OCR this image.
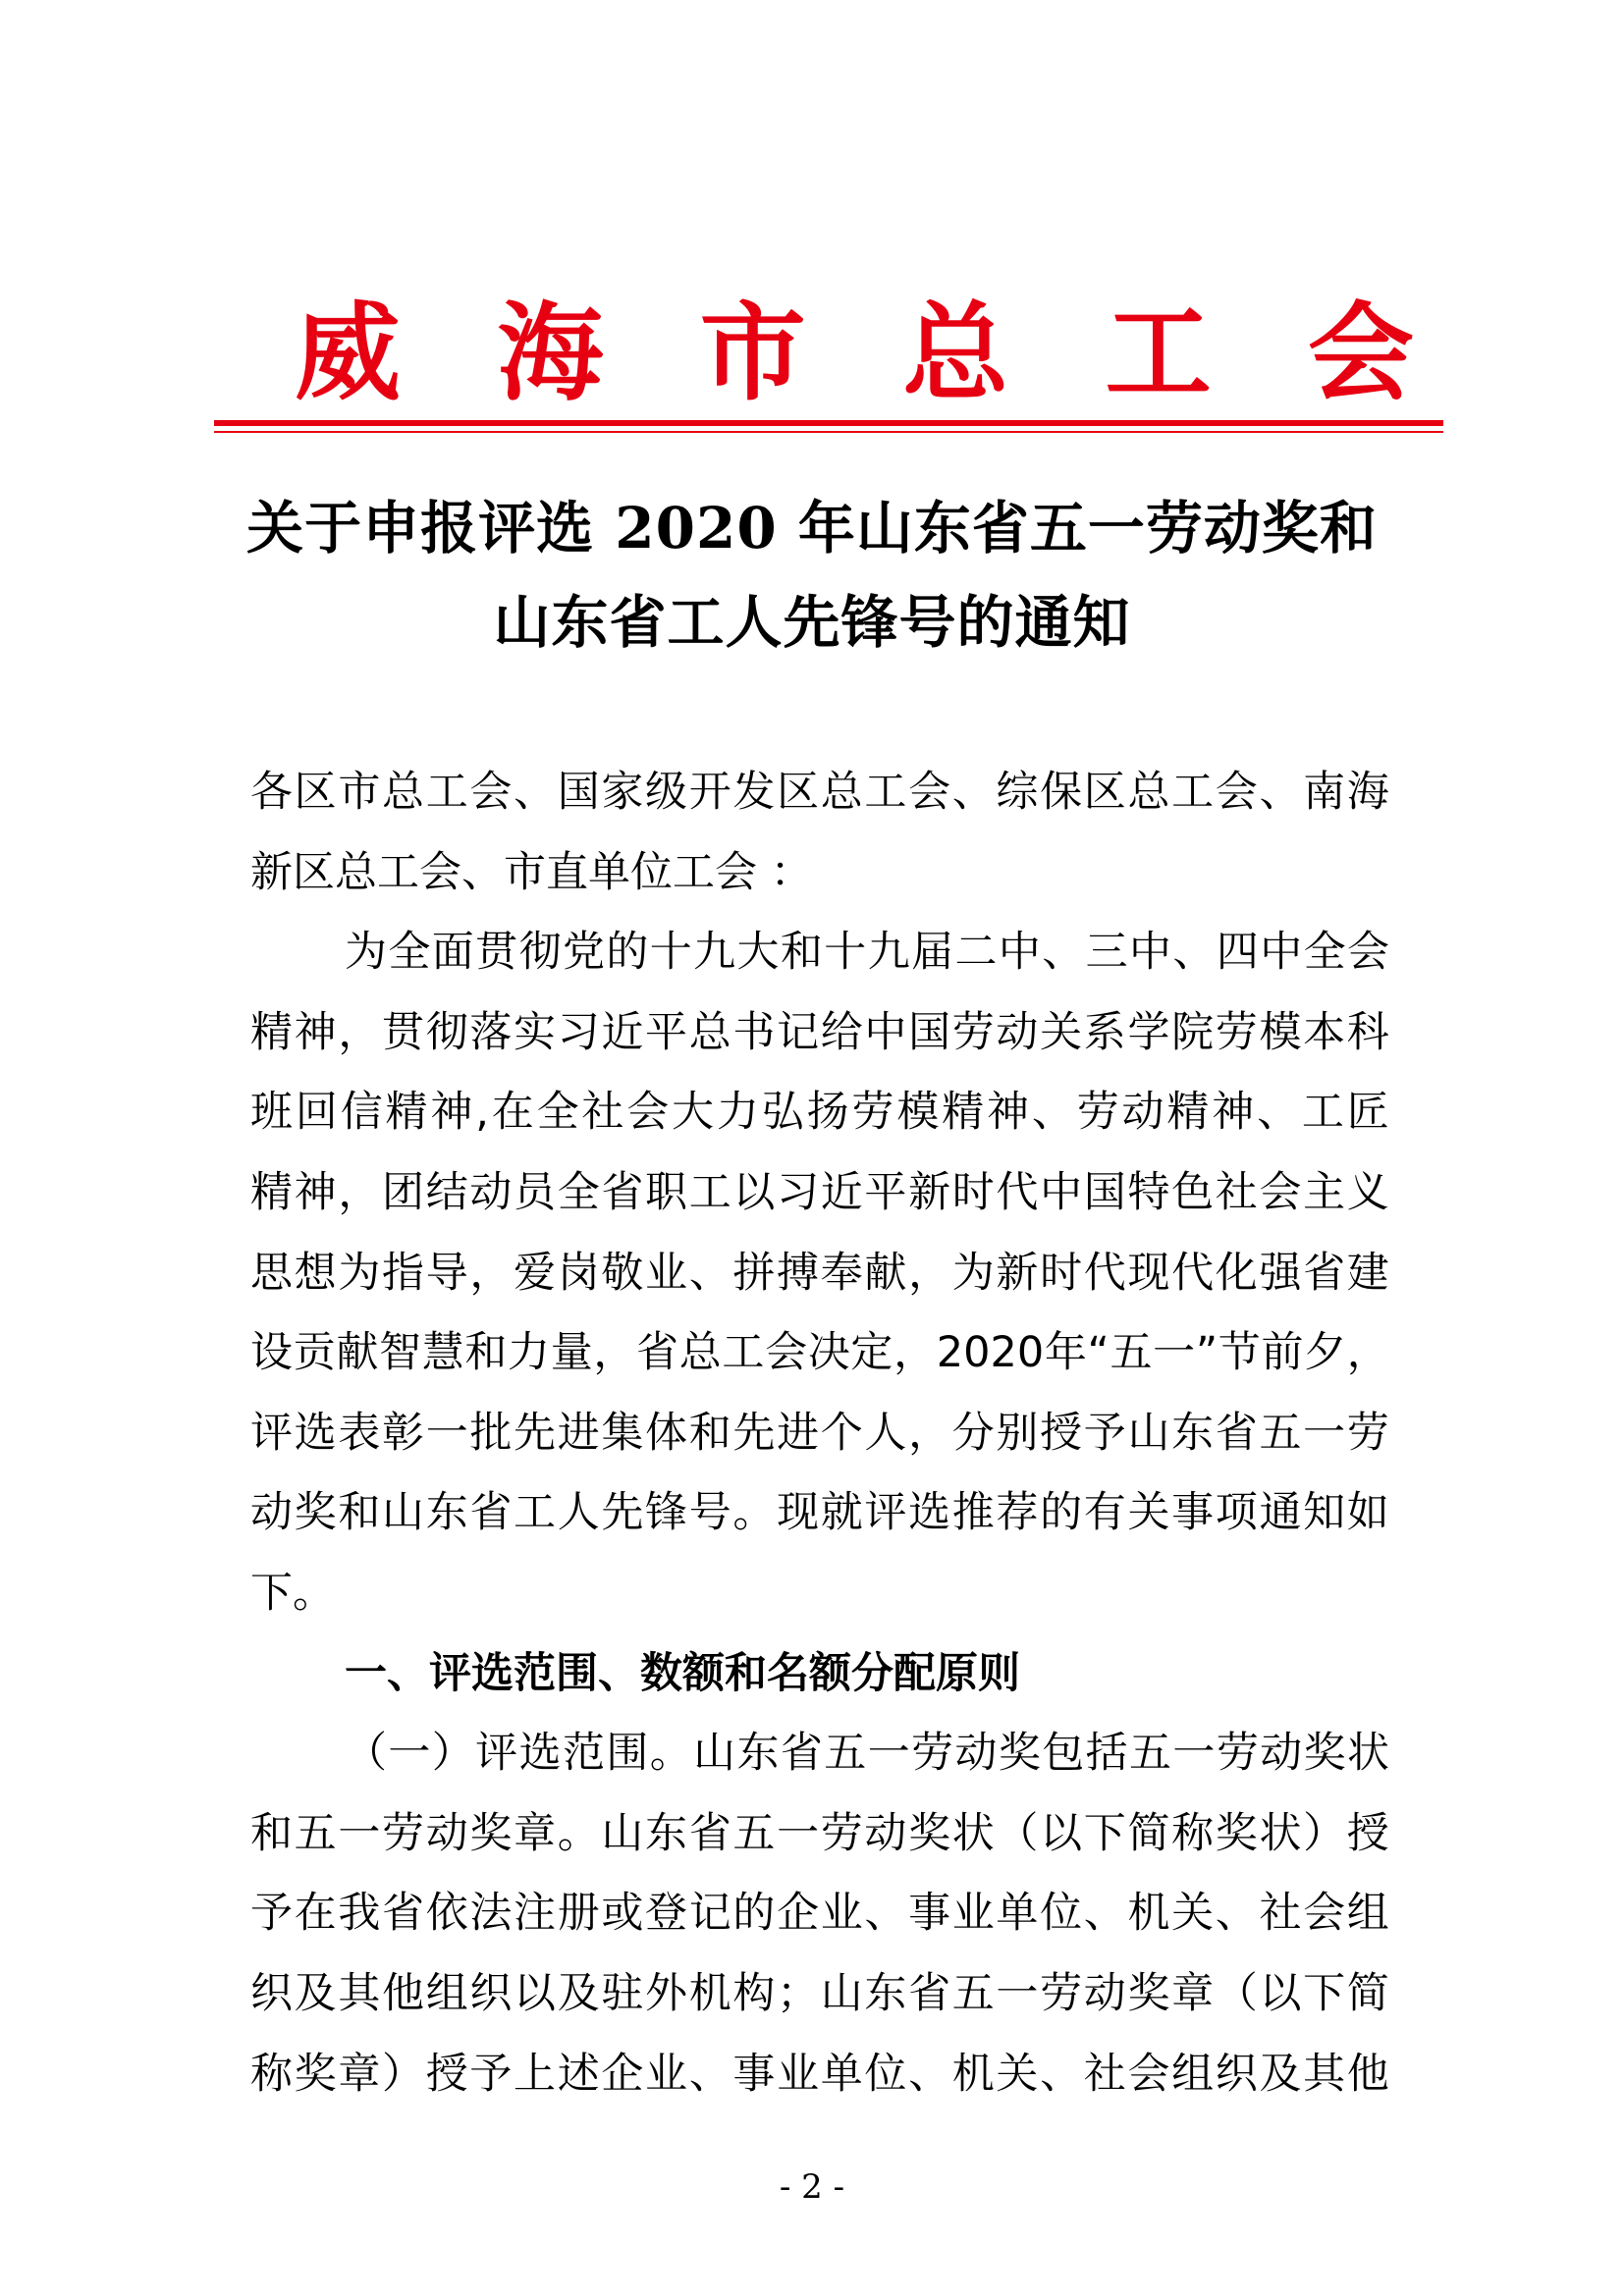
威 海 市 总 工 会
关于申报评选 2020 年山东省五一劳动奖和
山东省工人先锋号的通知
各 区 市 总 工 会 、 国 家 级 开 发 区 总 工 会 、 综 保 区 总 工 会 、 南 海
新区总工会、市直单位工会 ：
为 全 面 贯 彻 党 的 十 九 大 和 十 九 届 二 中 、 三 中 、 四 中 全 会
精 神 ， 贯 彻 落 实 习 近 平 总 书 记 给 中 国 劳 动 关 系 学 院 劳 模 本 科
班 回 信 精 神 , 在 全 社 会 大 力 弘 扬 劳 模 精 神 、 劳 动 精 神 、 工 匠
精 神 ， 团 结 动 员 全 省 职 工 以 习 近 平 新 时 代 中 国 特 色 社 会 主 义
思 想 为 指 导 ， 爱 岗 敬 业 、 拼 搏 奉 献 ， 为 新 时 代 现 代 化 强 省 建
设 贡 献 智 慧 和 力 量 ， 省 总 工 会 决 定 ， 2020 年 “ 五 一 ” 节 前 夕 ，
评 选 表 彰 一 批 先 进 集 体 和 先 进 个 人 ， 分 别 授 予 山 东 省 五 一 劳
动 奖 和 山 东 省 工 人 先 锋 号 。 现 就 评 选 推 荐 的 有 关 事 项 通 知 如
下。
一、评选范围、数额和名额分配原则
（ 一 ） 评 选 范 围 。 山 东 省 五 一 劳 动 奖 包 括 五 一 劳 动 奖 状
和 五 一 劳 动 奖 章 。 山 东 省 五 一 劳 动 奖 状 （ 以 下 简 称 奖 状 ） 授
予 在 我 省 依 法 注 册 或 登 记 的 企 业 、 事 业 单 位 、 机 关 、 社 会 组
织 及 其 他 组 织 以 及 驻 外 机 构 ； 山 东 省 五 一 劳 动 奖 章 （ 以 下 简
称 奖 章 ） 授 予 上 述 企 业 、 事 业 单 位 、 机 关 、 社 会 组 织 及 其 他
- 2 -
